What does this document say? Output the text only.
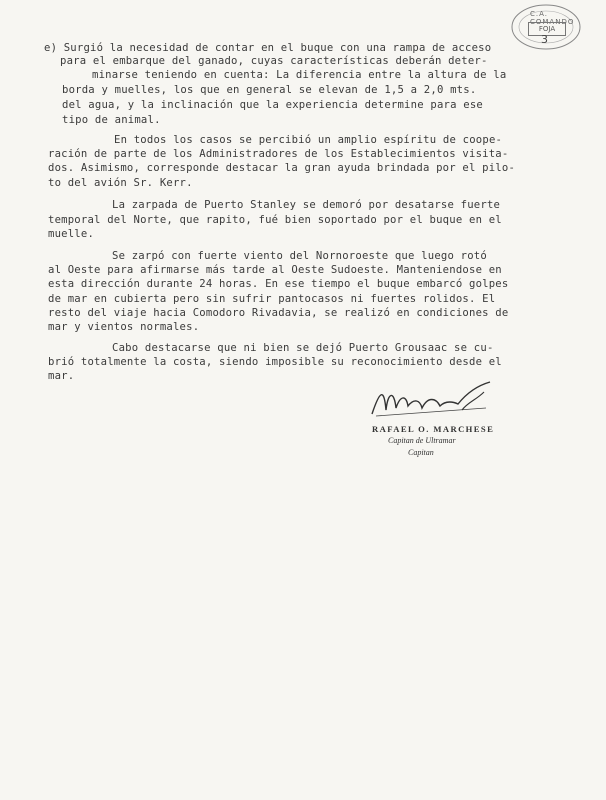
C.A. COMANDO
FOJA
3
e) Surgió la necesidad de contar en el buque con una rampa de acceso
para el embarque del ganado, cuyas características deberán deter-
minarse teniendo en cuenta: La diferencia entre la altura de la
borda y muelles, los que en general se elevan de 1,5 a 2,0 mts.
del agua, y la inclinación que la experiencia determine para ese
tipo de animal.
En todos los casos se percibió un amplio espíritu de coope-
ración de parte de los Administradores de los Establecimientos visita-
dos. Asimismo, corresponde destacar la gran ayuda brindada por el pilo-
to del avión Sr. Kerr.
La zarpada de Puerto Stanley se demoró por desatarse fuerte
temporal del Norte, que rapito, fué bien soportado por el buque en el
muelle.
Se zarpó con fuerte viento del Nornoroeste que luego rotó
al Oeste para afirmarse más tarde al Oeste Sudoeste. Manteniendose en
esta dirección durante 24 horas. En ese tiempo el buque embarcó golpes
de mar en cubierta pero sin sufrir pantocasos ni fuertes rolidos. El
resto del viaje hacia Comodoro Rivadavia, se realizó en condiciones de
mar y vientos normales.
Cabo destacarse que ni bien se dejó Puerto Grousaac se cu-
brió totalmente la costa, siendo imposible su reconocimiento desde el
mar.
RAFAEL O. MARCHESE
Capitan de Ultramar
Capitan
